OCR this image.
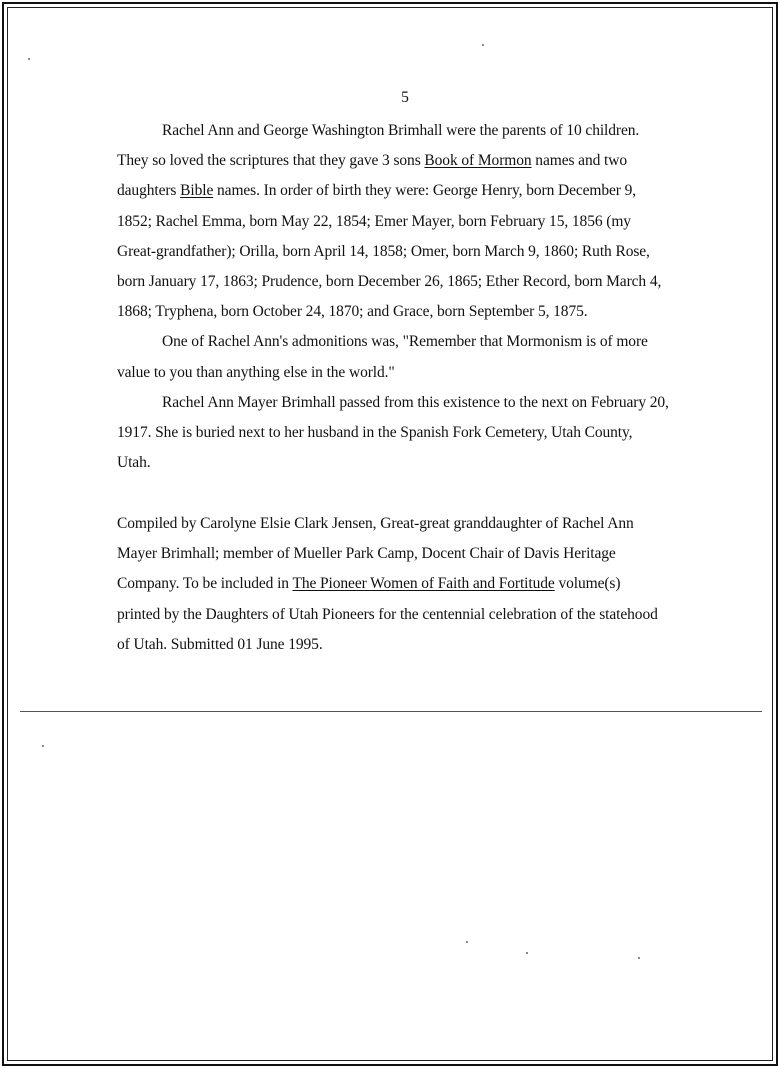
5
Rachel Ann and George Washington Brimhall were the parents of 10 children.
They so loved the scriptures that they gave 3 sons Book of Mormon names and two
daughters Bible names. In order of birth they were: George Henry, born December 9,
1852; Rachel Emma, born May 22, 1854; Emer Mayer, born February 15, 1856 (my
Great-grandfather); Orilla, born April 14, 1858; Omer, born March 9, 1860; Ruth Rose,
born January 17, 1863; Prudence, born December 26, 1865; Ether Record, born March 4,
1868; Tryphena, born October 24, 1870; and Grace, born September 5, 1875.
One of Rachel Ann's admonitions was, "Remember that Mormonism is of more
value to you than anything else in the world."
Rachel Ann Mayer Brimhall passed from this existence to the next on February 20,
1917. She is buried next to her husband in the Spanish Fork Cemetery, Utah County,
Utah.
Compiled by Carolyne Elsie Clark Jensen, Great-great granddaughter of Rachel Ann
Mayer Brimhall; member of Mueller Park Camp, Docent Chair of Davis Heritage
Company. To be included in The Pioneer Women of Faith and Fortitude volume(s)
printed by the Daughters of Utah Pioneers for the centennial celebration of the statehood
of Utah. Submitted 01 June 1995.
